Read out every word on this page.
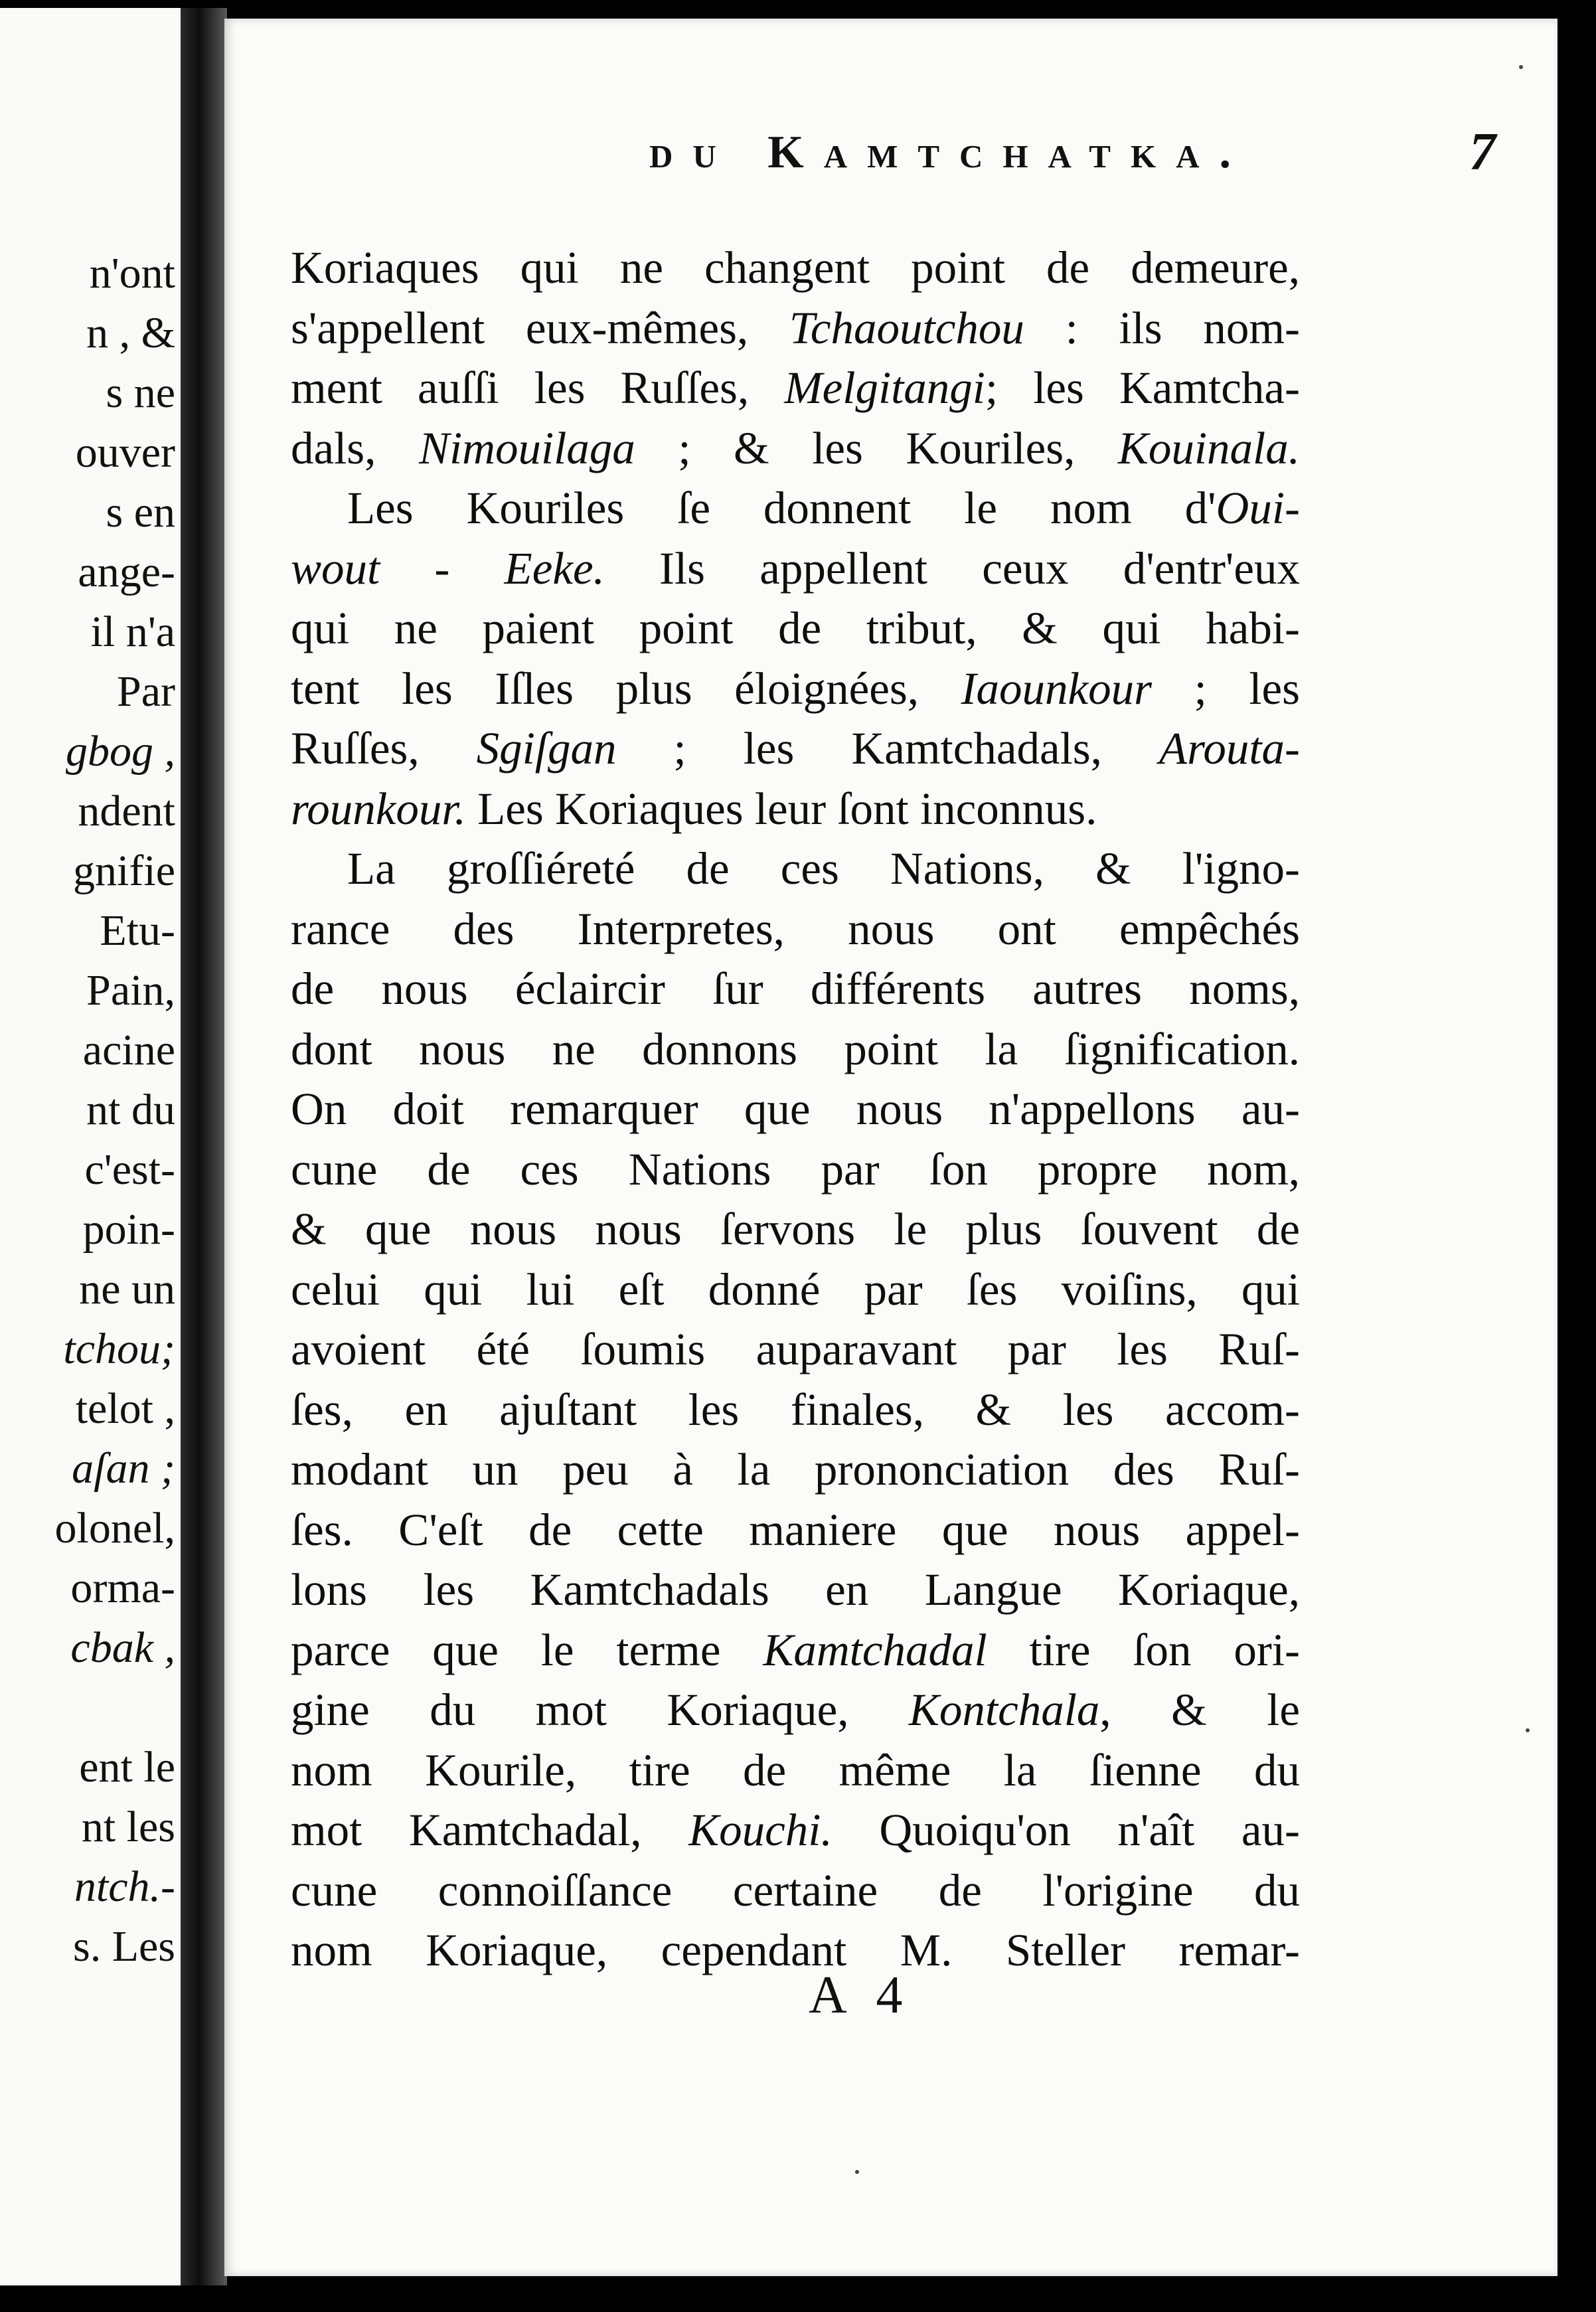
n'ont
n , &
s ne
ouver
s en
ange-
il n'a
Par
gbog ,
ndent
gnifie
Etu-
Pain,
acine
nt du
c'est-
poin-
ne un
tchou;
telot ,
aſan ;
olonel,
orma-
cbak ,
ent le
nt les
ntch.-
s. Les
du Kamtchatka.	7
Koriaques qui ne changent point de demeure,
s'appellent eux-mêmes, Tchaoutchou : ils nom-
ment auſſi les Ruſſes, Melgitangi; les Kamtcha-
dals, Nimouilaga ; & les Kouriles, Kouinala.
Les Kouriles ſe donnent le nom d'Oui-
wout - Eeke. Ils appellent ceux d'entr'eux
qui ne paient point de tribut, & qui habi-
tent les Iſles plus éloignées, Iaounkour ; les
Ruſſes, Sgiſgan ; les Kamtchadals, Arouta-
rounkour. Les Koriaques leur ſont inconnus.
La groſſiéreté de ces Nations, & l'igno-
rance des Interpretes, nous ont empêchés
de nous éclaircir ſur différents autres noms,
dont nous ne donnons point la ſignification.
On doit remarquer que nous n'appellons au-
cune de ces Nations par ſon propre nom,
& que nous nous ſervons le plus ſouvent de
celui qui lui eſt donné par ſes voiſins, qui
avoient été ſoumis auparavant par les Ruſ-
ſes, en ajuſtant les finales, & les accom-
modant un peu à la prononciation des Ruſ-
ſes. C'eſt de cette maniere que nous appel-
lons les Kamtchadals en Langue Koriaque,
parce que le terme Kamtchadal tire ſon ori-
gine du mot Koriaque, Kontchala, & le
nom Kourile, tire de même la ſienne du
mot Kamtchadal, Kouchi. Quoiqu'on n'aît au-
cune connoiſſance certaine de l'origine du
nom Koriaque, cependant M. Steller remar-
A 4
